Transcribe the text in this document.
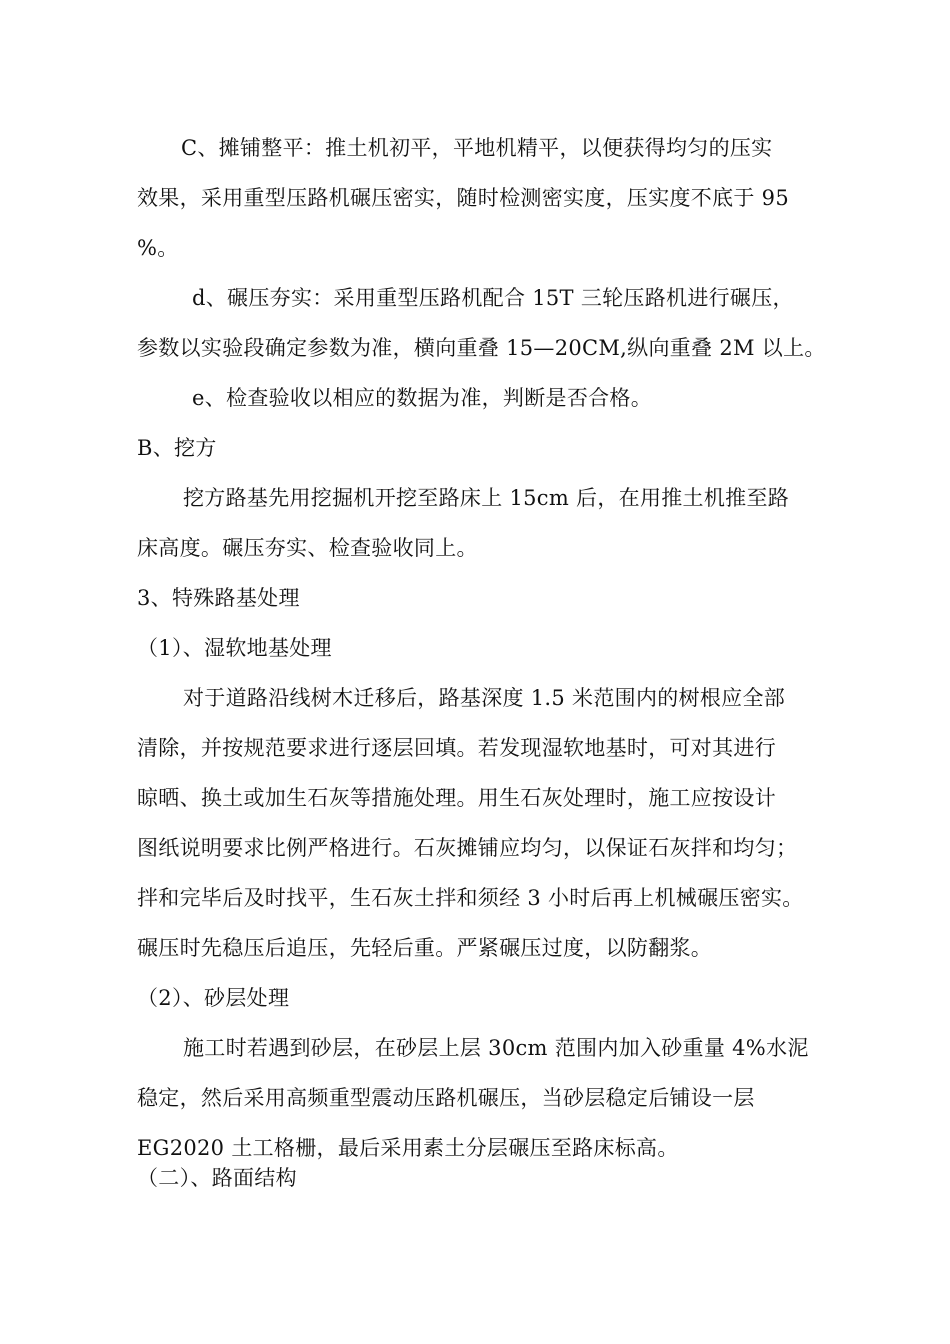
C、摊铺整平：推土机初平，平地机精平，以便获得均匀的压实
效果，采用重型压路机碾压密实，随时检测密实度，压实度不底于 95
%。
d、碾压夯实：采用重型压路机配合 15T 三轮压路机进行碾压，
参数以实验段确定参数为准，横向重叠 15—20CM,纵向重叠 2M 以上。
e、检查验收以相应的数据为准，判断是否合格。
B、挖方
挖方路基先用挖掘机开挖至路床上 15cm 后，在用推土机推至路
床高度。碾压夯实、检查验收同上。
3、特殊路基处理
（1）、湿软地基处理
对于道路沿线树木迁移后，路基深度 1.5 米范围内的树根应全部
清除，并按规范要求进行逐层回填。若发现湿软地基时，可对其进行
晾晒、换土或加生石灰等措施处理。用生石灰处理时，施工应按设计
图纸说明要求比例严格进行。石灰摊铺应均匀，以保证石灰拌和均匀；
拌和完毕后及时找平，生石灰土拌和须经 3 小时后再上机械碾压密实。
碾压时先稳压后追压，先轻后重。严紧碾压过度，以防翻浆。
（2）、砂层处理
施工时若遇到砂层，在砂层上层 30cm 范围内加入砂重量 4%水泥
稳定，然后采用高频重型震动压路机碾压，当砂层稳定后铺设一层
EG2020 土工格栅，最后采用素土分层碾压至路床标高。
（二）、路面结构
